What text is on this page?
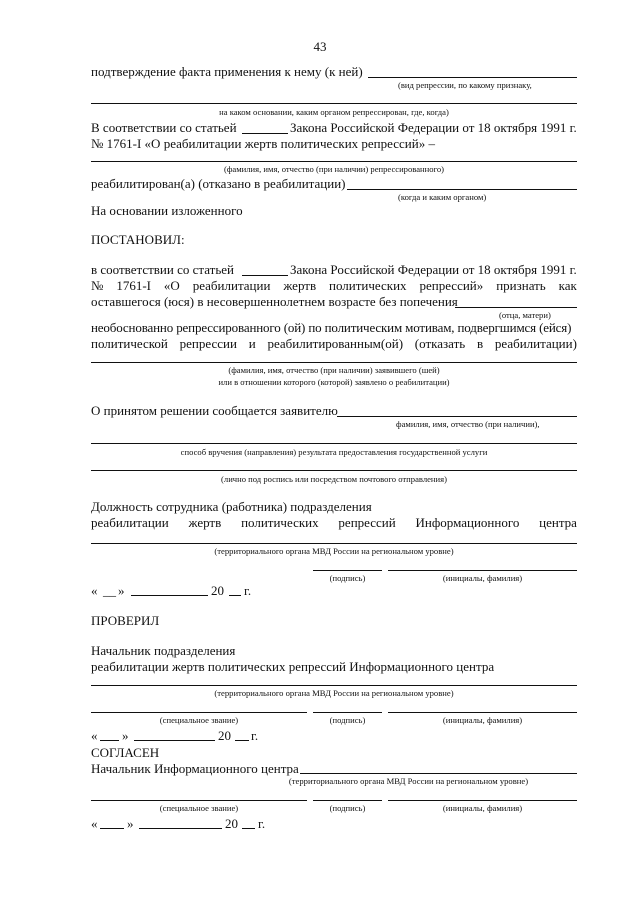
43
подтверждение факта применения к нему (к ней)
(вид репрессии, по какому признаку,
на каком основании, каким органом репрессирован, где, когда)
В соответствии со статьей	Закона Российской Федерации от 18 октября 1991 г.
№ 1761-I «О реабилитации жертв политических репрессий» –
(фамилия, имя, отчество (при наличии) репрессированного)
реабилитирован(а) (отказано в реабилитации)
(когда и каким органом)
На основании изложенного
ПОСТАНОВИЛ:
в соответствии со статьей	Закона Российской Федерации от 18 октября 1991 г.
№ 1761-I «О реабилитации жертв политических репрессий» признать как
оставшегося (юся) в несовершеннолетнем возрасте без попечения
(отца, матери)
необоснованно репрессированного (ой) по политическим мотивам, подвергшимся (ейся)
политической репрессии и реабилитированным(ой) (отказать в реабилитации)
(фамилия, имя, отчество (при наличии) заявившего (шей)
или в отношении которого (которой) заявлено о реабилитации)
О принятом решении сообщается заявителю
фамилия, имя, отчество (при наличии),
способ вручения (направления) результата предоставления государственной услуги
(лично под роспись или посредством почтового отправления)
Должность сотрудника (работника) подразделения
реабилитации жертв политических репрессий Информационного центра
(территориального органа МВД России на региональном уровне)
(подпись)	(инициалы, фамилия)
« __ »	20 г.
ПРОВЕРИЛ
Начальник подразделения
реабилитации жертв политических репрессий Информационного центра
(территориального органа МВД России на региональном уровне)
(специальное звание)	(подпись)	(инициалы, фамилия)
« »	20 г.
СОГЛАСЕН
Начальник Информационного центра
(территориального органа МВД России на региональном уровне)
(специальное звание)	(подпись)	(инициалы, фамилия)
« »	20 г.
